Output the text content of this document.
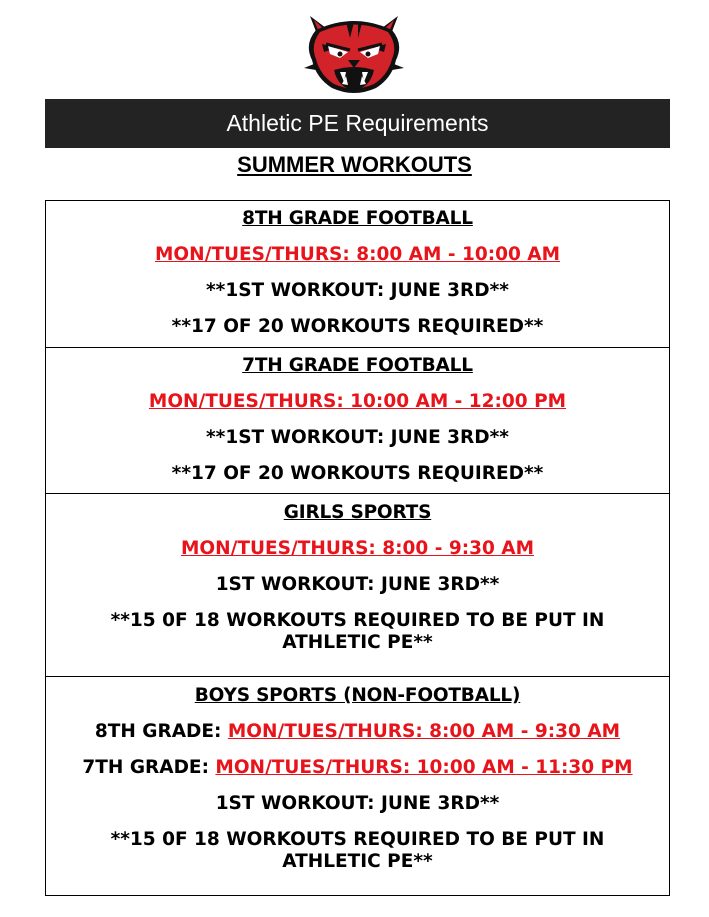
Athletic PE Requirements
SUMMER WORKOUTS
8TH GRADE FOOTBALL
MON/TUES/THURS: 8:00 AM - 10:00 AM
**1ST WORKOUT: JUNE 3RD**
**17 OF 20 WORKOUTS REQUIRED**
7TH GRADE FOOTBALL
MON/TUES/THURS: 10:00 AM - 12:00 PM
**1ST WORKOUT: JUNE 3RD**
**17 OF 20 WORKOUTS REQUIRED**
GIRLS SPORTS
MON/TUES/THURS: 8:00 - 9:30 AM
1ST WORKOUT: JUNE 3RD**
**15 0F 18 WORKOUTS REQUIRED TO BE PUT IN ATHLETIC PE**
BOYS SPORTS (NON-FOOTBALL)
8TH GRADE: MON/TUES/THURS: 8:00 AM - 9:30 AM
7TH GRADE: MON/TUES/THURS: 10:00 AM - 11:30 PM
1ST WORKOUT: JUNE 3RD**
**15 0F 18 WORKOUTS REQUIRED TO BE PUT IN ATHLETIC PE**
